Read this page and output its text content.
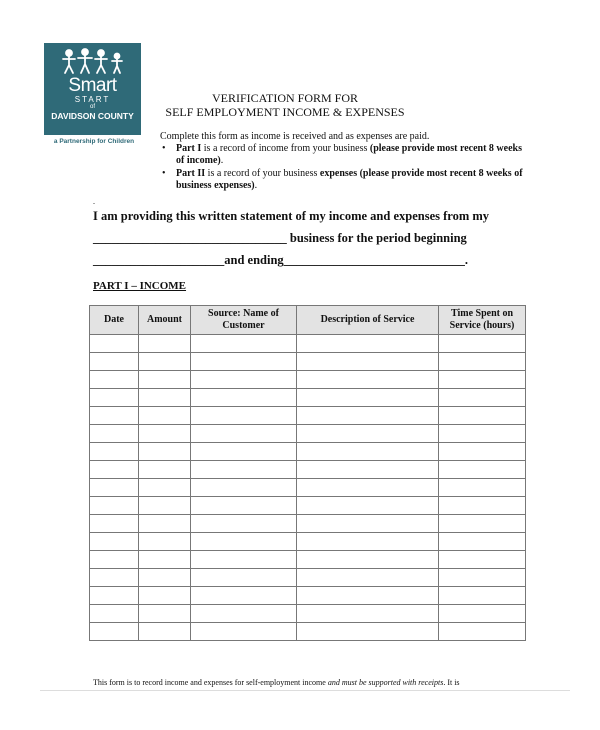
Smart
START
of
DAVIDSON COUNTY
a Partnership for Children
VERIFICATION FORM FOR
SELF EMPLOYMENT INCOME & EXPENSES
Complete this form as income is received and as expenses are paid.
• Part I is a record of income from your business (please provide most recent 8 weeks of income).
• Part II is a record of your business expenses (please provide most recent 8 weeks of business expenses).
.
I am providing this written statement of my income and expenses from my
_______________________________ business for the period beginning
_____________________and ending_____________________________.
PART I – INCOME
Date	Amount	Source: Name of Customer	Description of Service	Time Spent on Service (hours)

This form is to record income and expenses for self-employment income and must be supported with receipts. It is
